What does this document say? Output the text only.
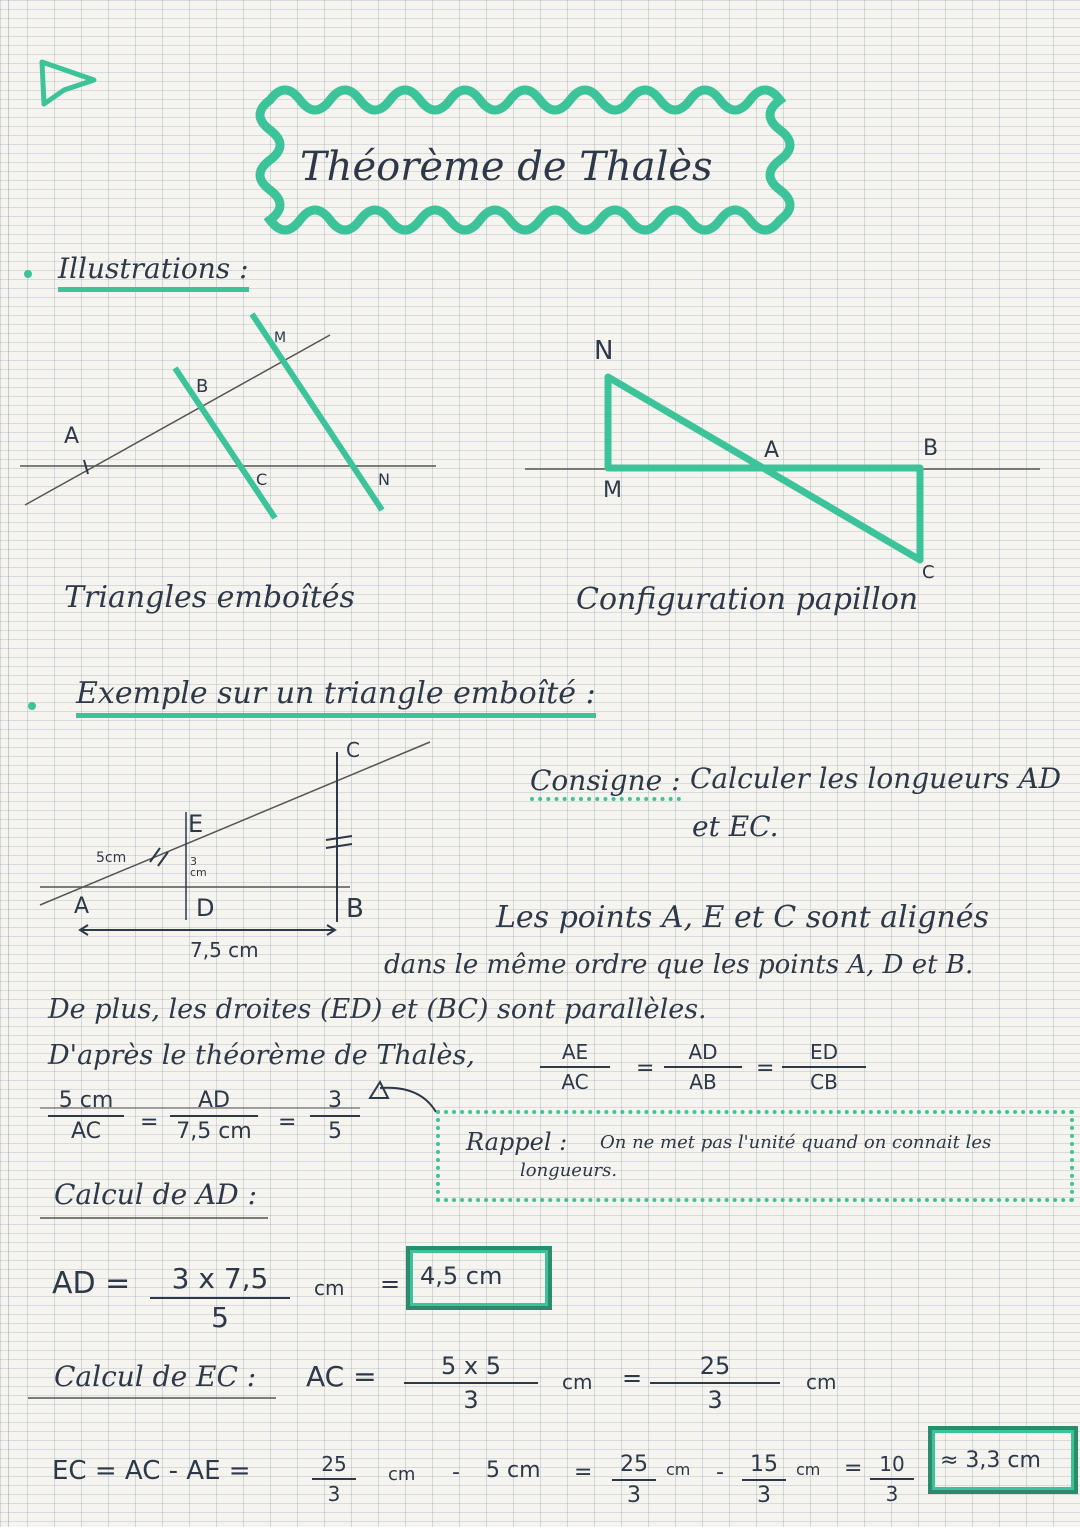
Théorème de Thalès
Illustrations :
A
B
C
M
N
Triangles emboîtés
N
M
A	B
C
Configuration papillon
Exemple sur un triangle emboîté :
C
E
5cm	3 cm
A	D	B
7,5 cm
Consigne : Calculer les longueurs AD
et EC.
Les points A, E et C sont alignés
dans le même ordre que les points A, D et B.
De plus, les droites (ED) et (BC) sont parallèles.
D'après le théorème de Thalès,	AE
AC
=
AD
AB
=
ED
CB
5 cm
AC	=
AD
7,5 cm =
3
5	Rappel : On ne met pas l'unité quand on connait les
longueurs.
Calcul de AD :
AD =	3 x 7,5
5
cm = 4,5 cm
Calcul de EC : AC =	5 x 5
3
cm =	25
3
cm
EC = AC - AE =	25
3
cm - 5 cm =	25
3
cm -	15
3
cm = 10
3
≈ 3,3 cm
